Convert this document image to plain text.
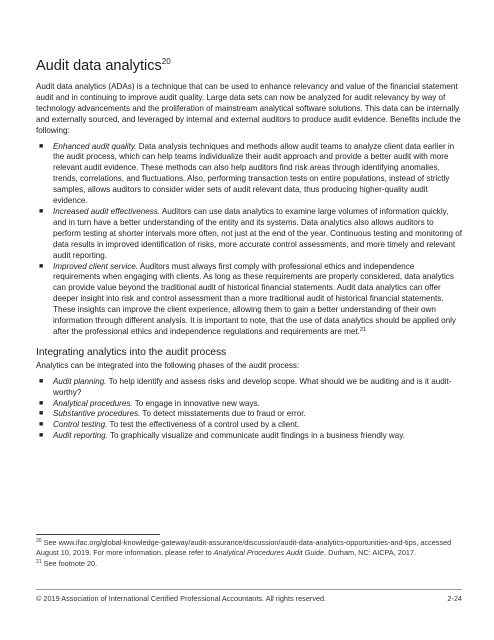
Audit data analytics$^{20}$

Audit data analytics (ADAs) is a technique that can be used to enhance relevancy and value of the financial statement audit and in continuing to improve audit quality. Large data sets can now be analyzed for audit relevancy by way of technology advancements and the proliferation of mainstream analytical software solutions. This data can be internally and externally sourced, and leveraged by internal and external auditors to produce audit evidence. Benefits include the following:

■ Enhanced audit quality. Data analysis techniques and methods allow audit teams to analyze client data earlier in the audit process, which can help teams individualize their audit approach and provide a better audit with more relevant audit evidence. These methods can also help auditors find risk areas through identifying anomalies, trends, correlations, and fluctuations. Also, performing transaction tests on entire populations, instead of strictly samples, allows auditors to consider wider sets of audit relevant data, thus producing higher-quality audit evidence.
■ Increased audit effectiveness. Auditors can use data analytics to examine large volumes of information quickly, and in turn have a better understanding of the entity and its systems. Data analytics also allows auditors to perform testing at shorter intervals more often, not just at the end of the year. Continuous testing and monitoring of data results in improved identification of risks, more accurate control assessments, and more timely and relevant audit reporting.
■ Improved client service. Auditors must always first comply with professional ethics and independence requirements when engaging with clients. As long as these requirements are properly considered, data analytics can provide value beyond the traditional audit of historical financial statements. Audit data analytics can offer deeper insight into risk and control assessment than a more traditional audit of historical financial statements. These insights can improve the client experience, allowing them to gain a better understanding of their own information through different analysis. It is important to note, that the use of data analytics should be applied only after the professional ethics and independence regulations and requirements are met.$^{21}$
Integrating analytics into the audit process

Analytics can be integrated into the following phases of the audit process:

■ Audit planning. To help identify and assess risks and develop scope. What should we be auditing and is it audit-worthy?
■ Analytical procedures. To engage in innovative new ways.
■ Substantive procedures. To detect misstatements due to fraud or error.
■ Control testing. To test the effectiveness of a control used by a client.
■ Audit reporting. To graphically visualize and communicate audit findings in a business friendly way.
$^{20}$ See www.ifac.org/global-knowledge-gateway/audit-assurance/discussion/audit-data-analytics-opportunities-and-tips, accessed August 10, 2019. For more information, please refer to Analytical Procedures Audit Guide. Durham, NC: AICPA, 2017.
$^{21}$ See footnote 20.
© 2019 Association of International Certified Professional Accountants. All rights reserved.	2-24
